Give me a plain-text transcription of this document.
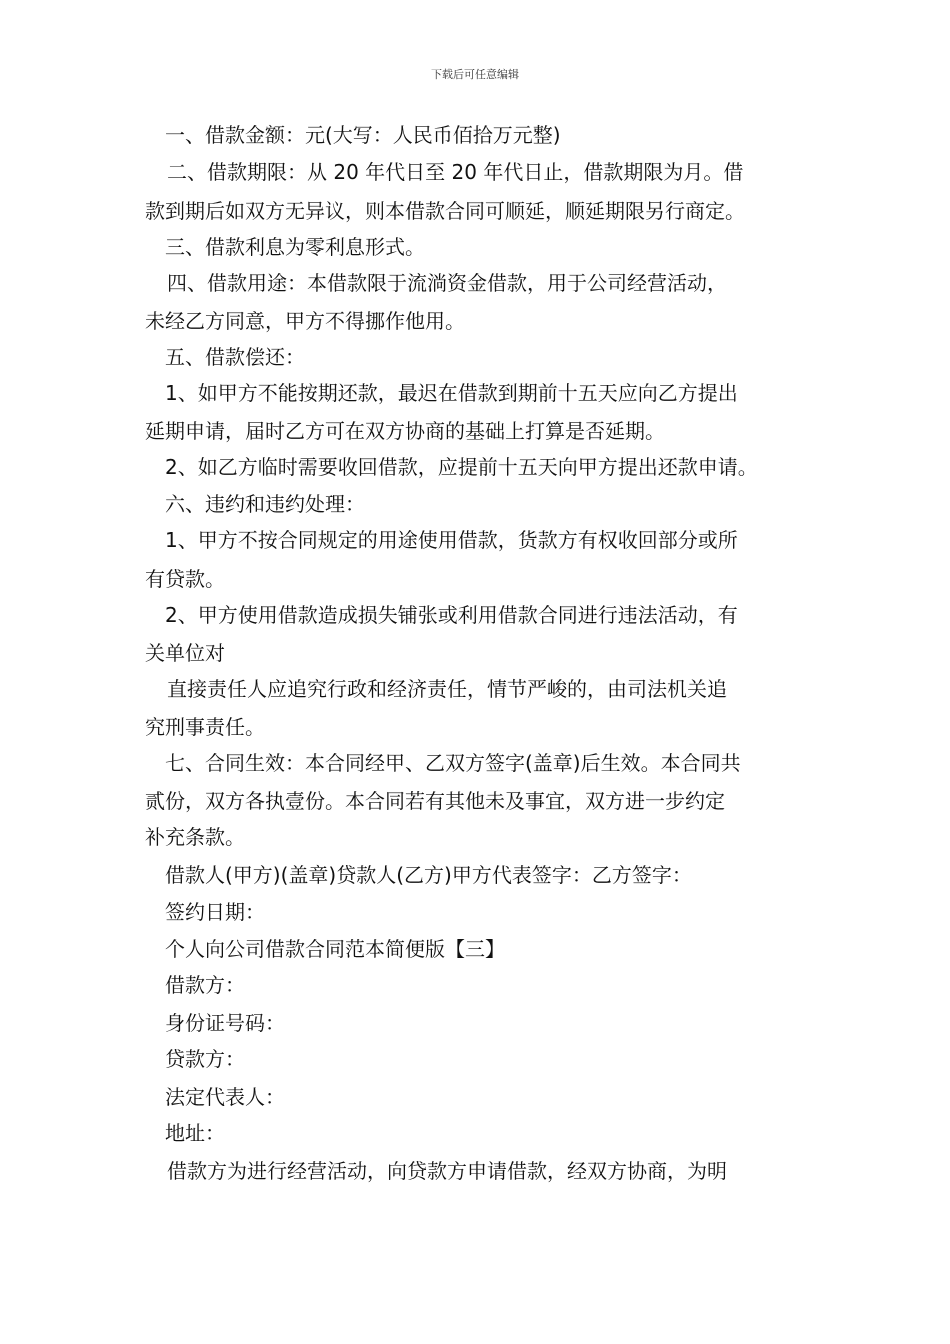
下载后可任意编辑
一、借款金额：元(大写：人民币佰拾万元整)
二、借款期限：从 20 年代日至 20 年代日止，借款期限为月。借
款到期后如双方无异议，则本借款合同可顺延，顺延期限另行商定。
三、借款利息为零利息形式。
四、借款用途：本借款限于流淌资金借款，用于公司经营活动，
未经乙方同意，甲方不得挪作他用。
五、借款偿还：
1、如甲方不能按期还款，最迟在借款到期前十五天应向乙方提出
延期申请，届时乙方可在双方协商的基础上打算是否延期。
2、如乙方临时需要收回借款，应提前十五天向甲方提出还款申请。
六、违约和违约处理：
1、甲方不按合同规定的用途使用借款，货款方有权收回部分或所
有贷款。
2、甲方使用借款造成损失铺张或利用借款合同进行违法活动，有
关单位对
直接责任人应追究行政和经济责任，情节严峻的，由司法机关追
究刑事责任。
七、合同生效：本合同经甲、乙双方签字(盖章)后生效。本合同共
贰份，双方各执壹份。本合同若有其他未及事宜，双方进一步约定
补充条款。
借款人(甲方)(盖章)贷款人(乙方)甲方代表签字：乙方签字：
签约日期：
个人向公司借款合同范本简便版【三】
借款方：
身份证号码：
贷款方：
法定代表人：
地址：
借款方为进行经营活动，向贷款方申请借款，经双方协商，为明
